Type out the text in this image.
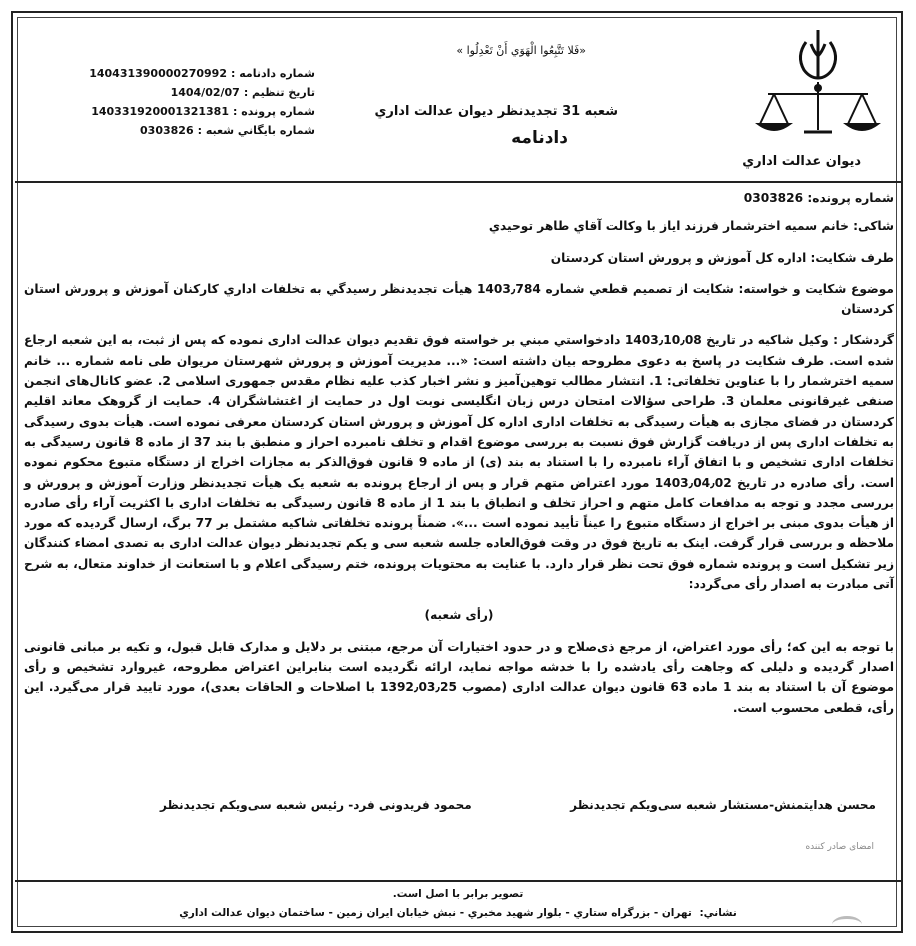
ديوان عدالت اداري
«فَلا تَتَّبِعُوا الْهَوَي أَنْ تَعْدِلُوا »
شعبه 31 تجديدنظر ديوان عدالت اداري
دادنامه
شماره دادنامه :
140431390000270992
تاريخ تنظيم :
1404/02/07
شماره پرونده :
140331920001321381
شماره بايگاني شعبه :
0303826

شماره پرونده: 0303826

شاکی: خانم سميه اخترشمار فرزند اياز با وكالت آقاي طاهر توحيدي

طرف شکايت: اداره كل آموزش و پرورش استان كردستان

موضوع شکايت و خواسته: شکايت از تصميم قطعي شماره 1403٫784 هيأت تجديدنظر رسيدگي به تخلفات اداري كاركنان آموزش و پرورش استان كردستان

گردشکار : وكيل شاكيه در تاريخ 1403٫10٫08 دادخواستي مبني بر خواسته فوق تقديم ديوان عدالت اداری نموده که پس از ثبت، به اين شعبه ارجاع شده است. طرف شکايت در پاسخ به دعوی مطروحه بيان داشته است: «... مديريت آموزش و پرورش شهرستان مريوان طی نامه شماره ... خانم سميه اخترشمار را با عناوين تخلفاتی: 1. انتشار مطالب توهين‌آميز و نشر اخبار كذب عليه نظام مقدس جمهوری اسلامی 2. عضو كانال‌های انجمن صنفی غيرقانونی معلمان 3. طراحی سؤالات امتحان درس زبان انگليسی نوبت اول در حمايت از اغتشاشگران 4. حمايت از گروهک معاند اقليم كردستان در فضای مجازی به هيأت رسيدگی به تخلفات اداری اداره كل آموزش و پرورش استان كردستان معرفی نموده است. هيأت بدوی رسيدگی به تخلفات اداری پس از دريافت گزارش فوق نسبت به بررسی موضوع اقدام و تخلف نامبرده احراز و منطبق با بند 37 از ماده 8 قانون رسيدگی به تخلفات اداری تشخيص و با اتفاق آراء نامبرده را با استناد به بند (ی) از ماده 9 قانون فوق‌الذكر به مجازات اخراج از دستگاه متبوع محكوم نموده است. رأی صادره در تاريخ 1403٫04٫02 مورد اعتراض متهم قرار و پس از ارجاع پرونده به شعبه يک هيأت تجديدنظر وزارت آموزش و پرورش و بررسی مجدد و توجه به مدافعات كامل متهم و احراز تخلف و انطباق با بند 1 از ماده 8 قانون رسيدگی به تخلفات اداری با اكثريت آراء رأی صادره از هيأت بدوی مبنی بر اخراج از دستگاه متبوع را عيناً تأييد نموده است ...». ضمناً پرونده تخلفاتی شاكيه مشتمل بر 77 برگ، ارسال گرديده كه مورد ملاحظه و بررسی قرار گرفت. اينک به تاريخ فوق در وقت فوق‌العاده جلسه شعبه سی و يكم تجديدنظر ديوان عدالت اداری به تصدی امضاء كنندگان زير تشكيل است و پرونده شماره فوق تحت نظر قرار دارد. با عنايت به محتويات پرونده، ختم رسيدگی اعلام و با استعانت از خداوند متعال، به شرح آتی مبادرت به اصدار رأی می‌گردد:

(رأی شعبه)

با توجه به اين كه؛ رأی مورد اعتراض، از مرجع ذی‌صلاح و در حدود اختيارات آن مرجع، مبتنی بر دلايل و مدارک قابل قبول، و تكيه بر مبانی قانونی اصدار گرديده و دليلی كه وجاهت رأی يادشده را با خدشه مواجه نمايد، ارائه نگرديده است بنابراين اعتراض مطروحه، غيروارد تشخيص و رأی موضوع آن با استناد به بند 1 ماده 63 قانون ديوان عدالت اداری (مصوب 1392٫03٫25 با اصلاحات و الحاقات بعدی)، مورد تاييد قرار می‌گيرد. اين رأی، قطعی محسوب است.

محسن هدايتمنش-مستشار شعبه سی‌ويكم تجديدنظر
محمود فريدونی فرد- رئيس شعبه سی‌ويكم تجديدنظر
امضای صادر كننده
تصوير برابر با اصل است.
نشاني: تهران - بزرگراه ستاري - بلوار شهيد مخبري - نبش خيابان ايران زمين - ساختمان ديوان عدالت اداري
